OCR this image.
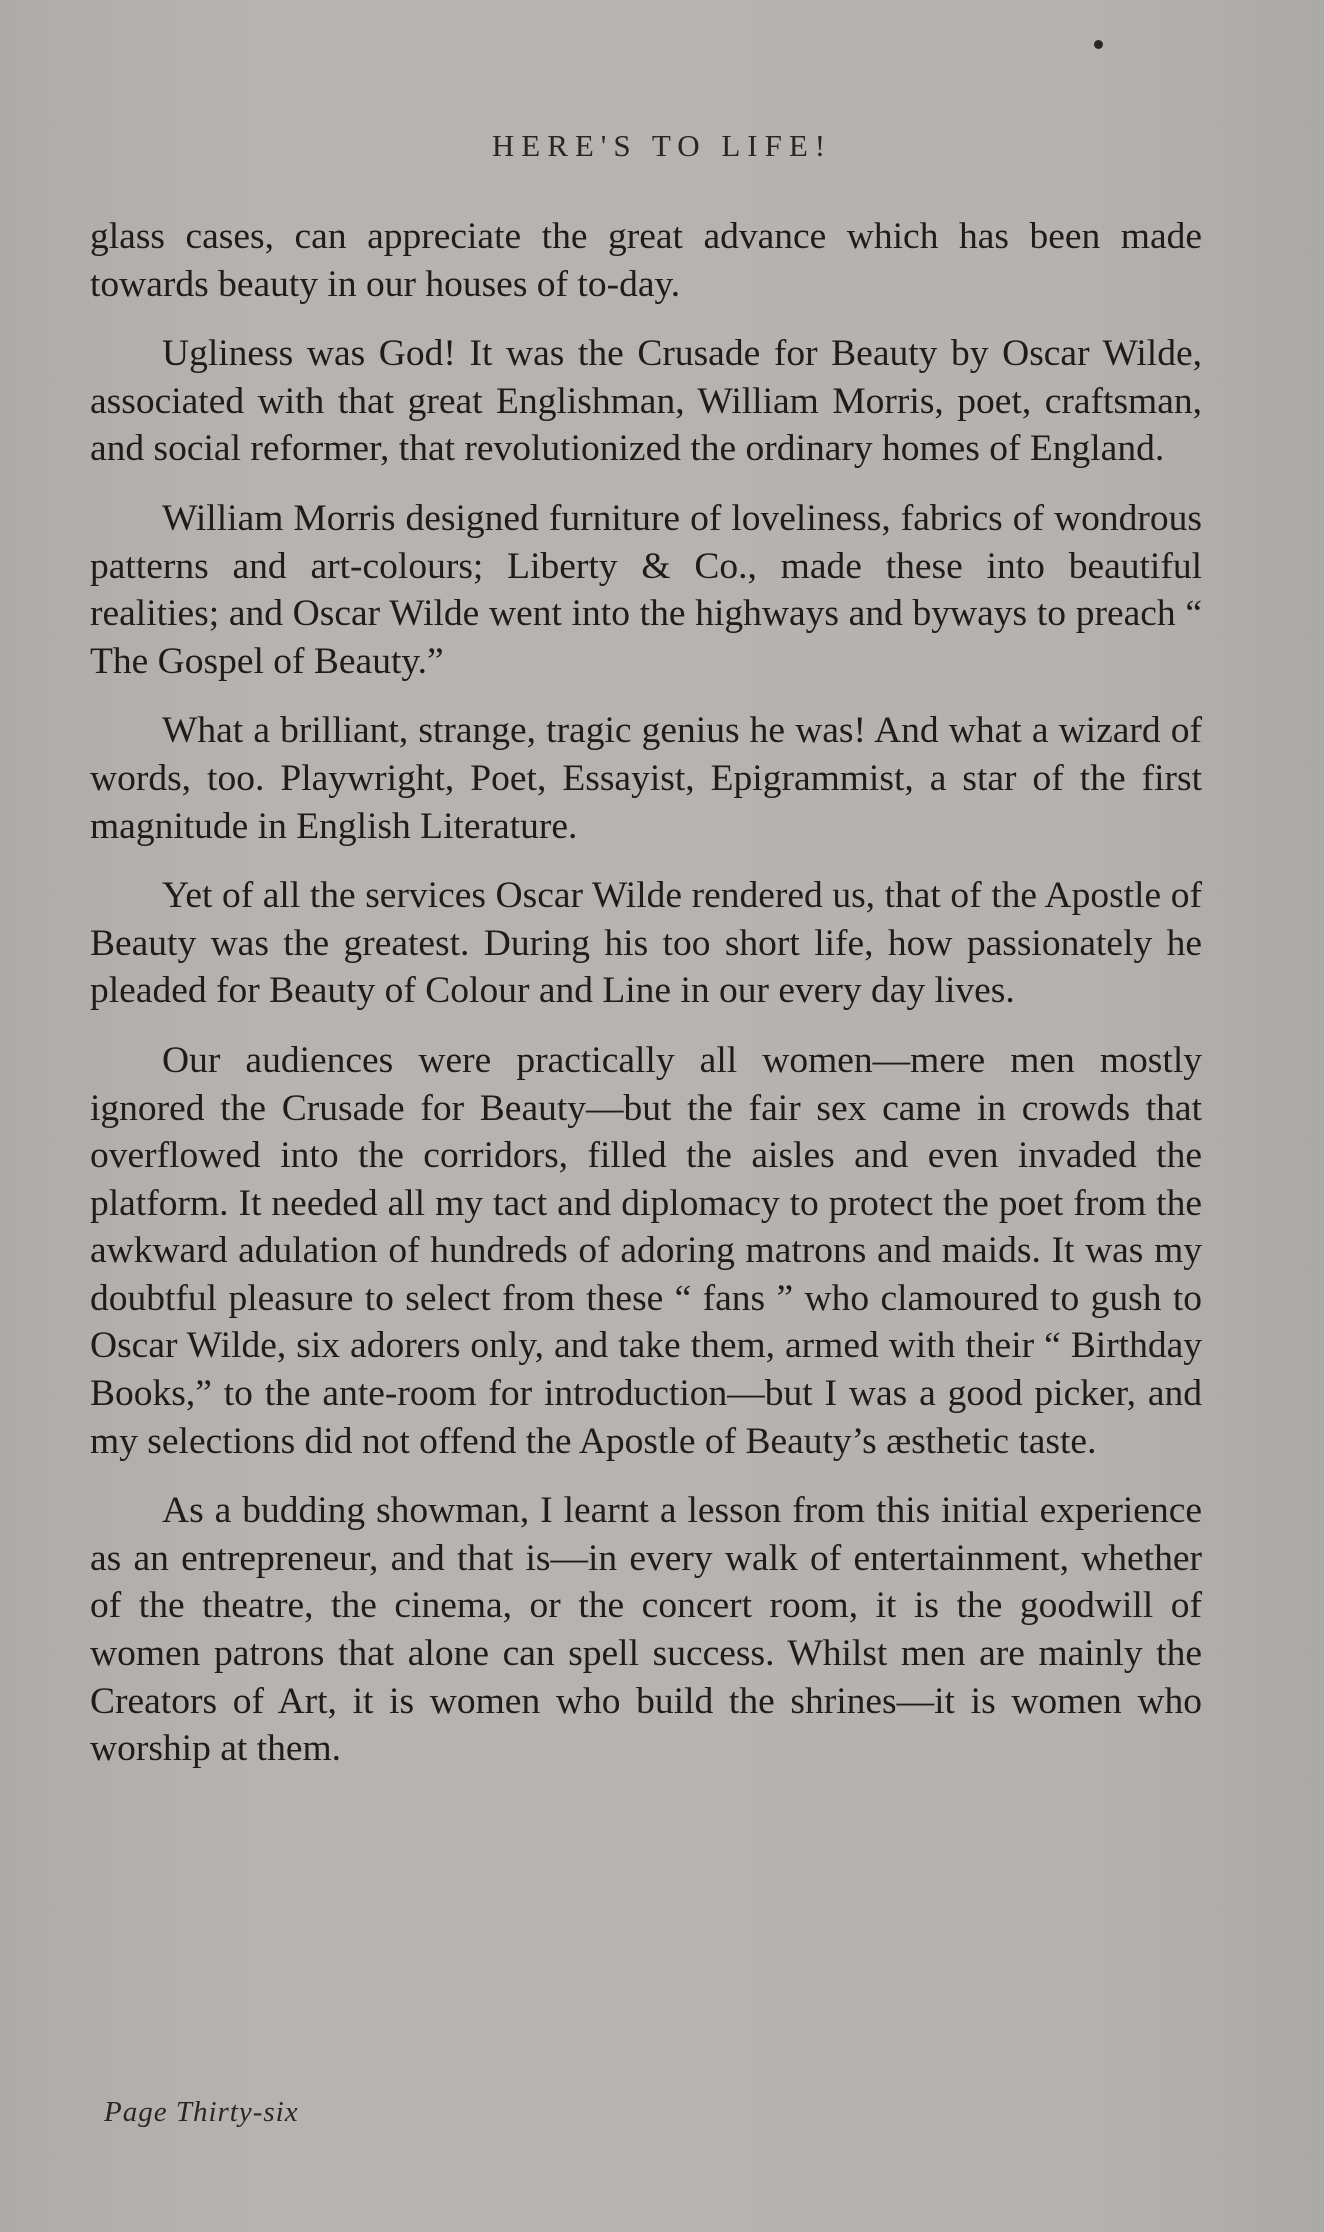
HERE'S TO LIFE!

glass cases, can appreciate the great advance which has been made towards beauty in our houses of to-day.

Ugliness was God! It was the Crusade for Beauty by Oscar Wilde, associated with that great Englishman, William Morris, poet, craftsman, and social reformer, that revolutionized the ordinary homes of England.

William Morris designed furniture of loveliness, fabrics of wondrous patterns and art-colours; Liberty & Co., made these into beautiful realities; and Oscar Wilde went into the highways and byways to preach “ The Gospel of Beauty.”

What a brilliant, strange, tragic genius he was! And what a wizard of words, too. Playwright, Poet, Essayist, Epigrammist, a star of the first magnitude in English Literature.

Yet of all the services Oscar Wilde rendered us, that of the Apostle of Beauty was the greatest. During his too short life, how passionately he pleaded for Beauty of Colour and Line in our every day lives.

Our audiences were practically all women—mere men mostly ignored the Crusade for Beauty—but the fair sex came in crowds that overflowed into the corridors, filled the aisles and even invaded the platform. It needed all my tact and diplomacy to protect the poet from the awkward adulation of hundreds of adoring matrons and maids. It was my doubtful pleasure to select from these “ fans ” who clamoured to gush to Oscar Wilde, six adorers only, and take them, armed with their “ Birthday Books,” to the ante-room for introduction—but I was a good picker, and my selections did not offend the Apostle of Beauty’s æsthetic taste.

As a budding showman, I learnt a lesson from this initial experience as an entrepreneur, and that is—in every walk of entertainment, whether of the theatre, the cinema, or the concert room, it is the goodwill of women patrons that alone can spell success. Whilst men are mainly the Creators of Art, it is women who build the shrines—it is women who worship at them.

Page Thirty-six
